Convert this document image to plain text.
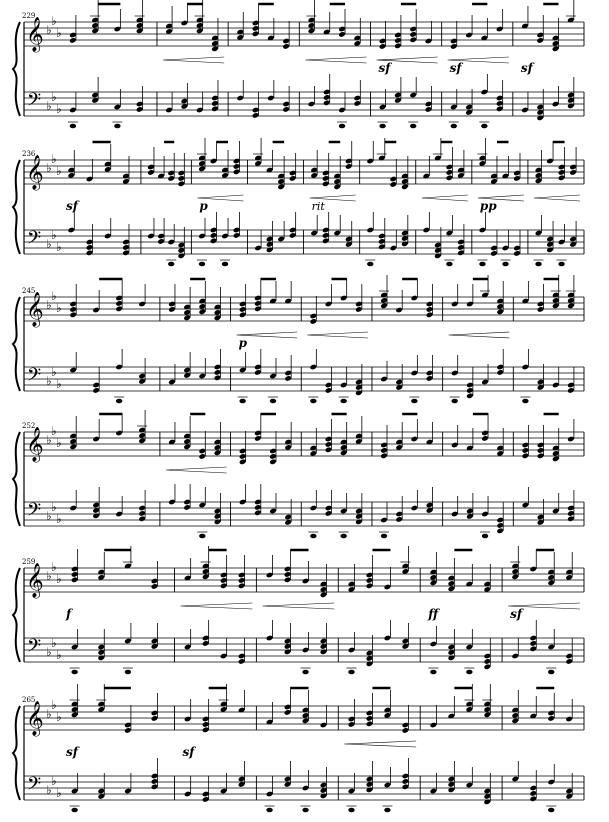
𝄞
𝄢
♭
♭
♭
♭
♭
♭
229
sf	sf	sf
𝄞
𝄢
♭
♭
♭
♭
♭
♭
236
sf	p	rit	pp
𝄞
𝄢
♭
♭
♭
♭
♭
♭
245
p
𝄞
𝄢
♭
♭
♭
♭
♭
♭
252
𝄞
𝄢
♭
♭
♭
♭
♭
♭
259
f	ff	sf
𝄞
𝄢
♭
♭
♭
♭
♭
♭
265
sf	sf
